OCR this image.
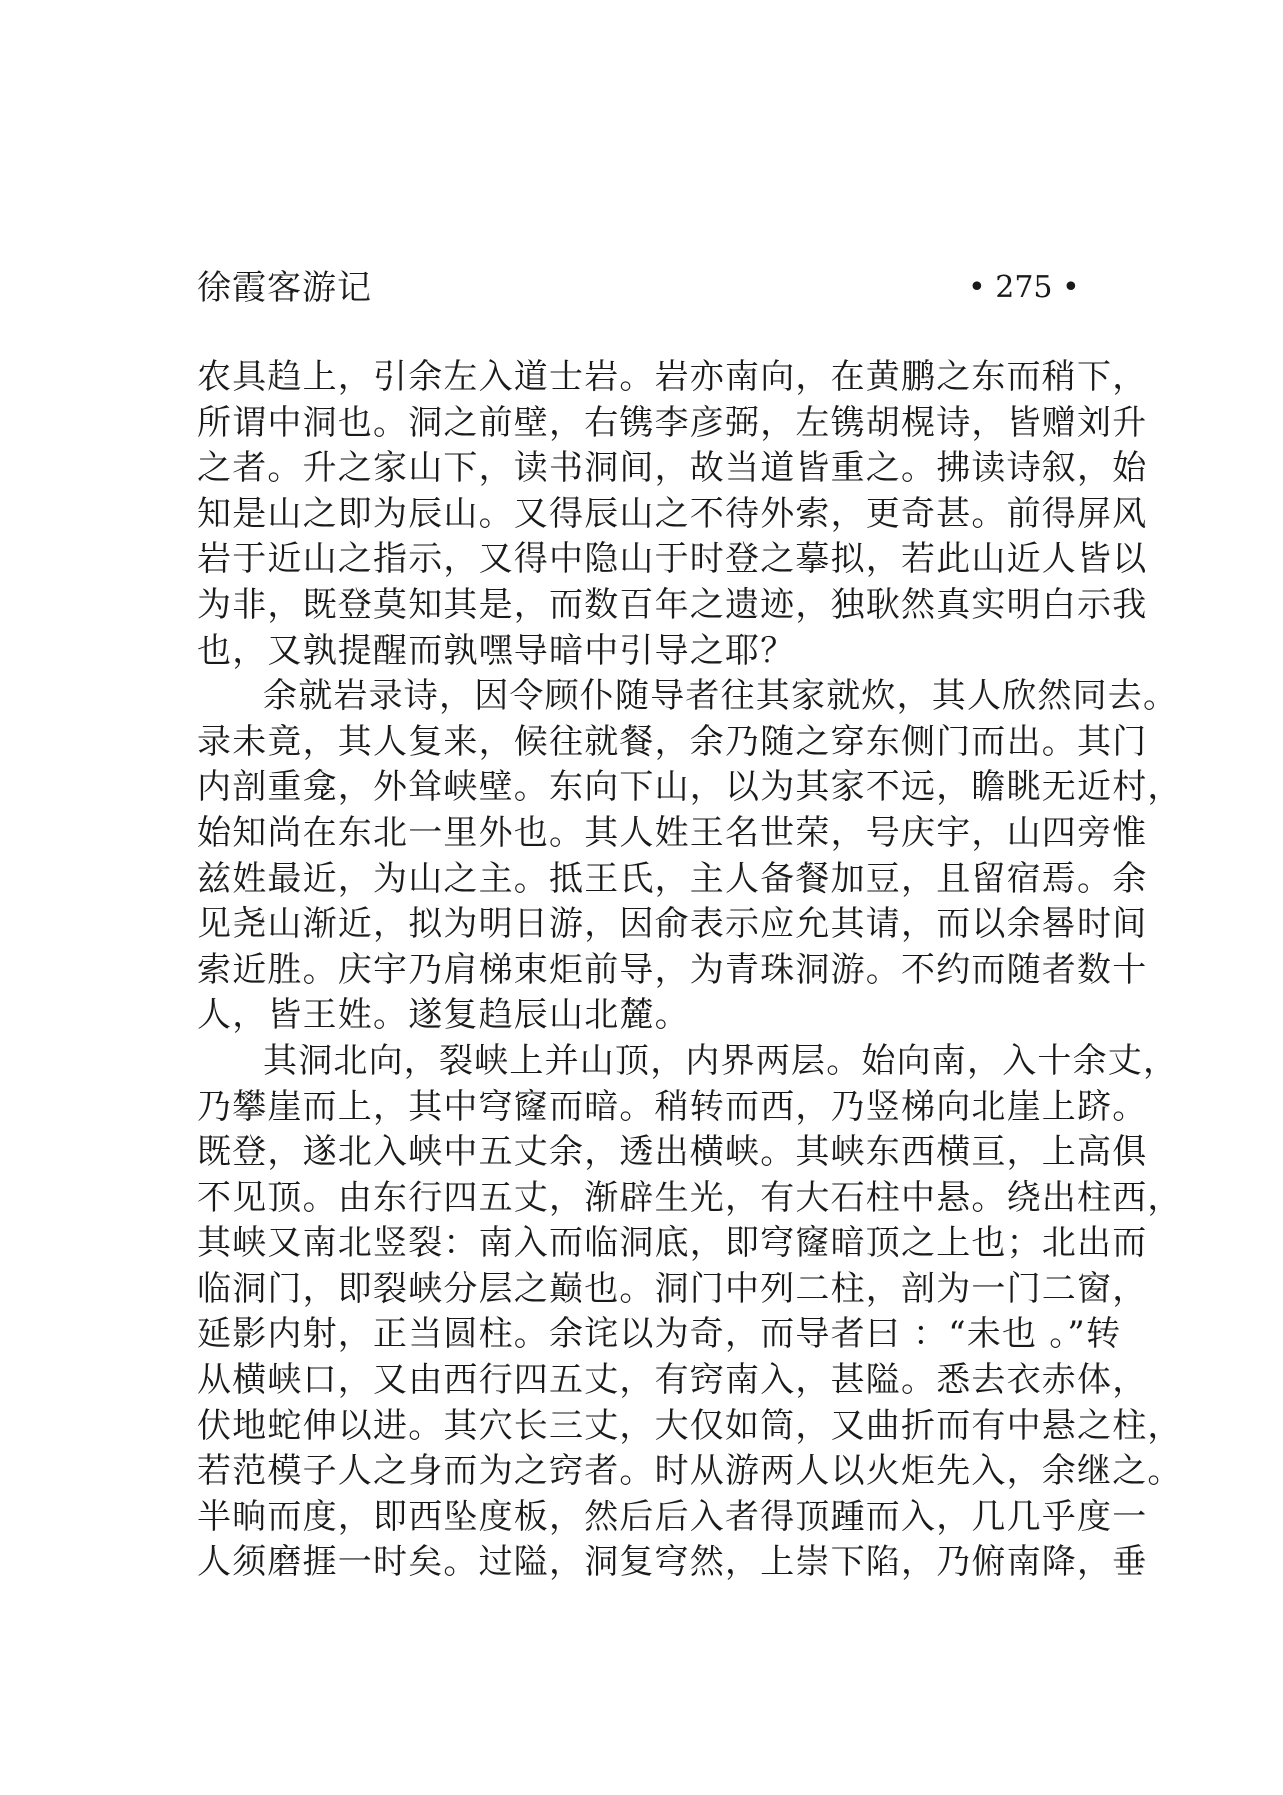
徐霞客游记	• 275 •
农具趋上，引余左入道士岩。岩亦南向，在黄鹏之东而稍下，
所谓中洞也。洞之前壁，右镌李彦弼，左镌胡榥诗，皆赠刘升
之者。升之家山下，读书洞间，故当道皆重之。拂读诗叙，始
知是山之即为辰山。又得辰山之不待外索，更奇甚。前得屏风
岩于近山之指示，又得中隐山于时登之摹拟，若此山近人皆以
为非，既登莫知其是，而数百年之遗迹，独耿然真实明白示我
也，又孰提醒而孰嘿导暗中引导之耶？
余就岩录诗，因令顾仆随导者往其家就炊，其人欣然同去。
录未竟，其人复来，候往就餐，余乃随之穿东侧门而出。其门
内剖重龛，外耸峡壁。东向下山，以为其家不远，瞻眺无近村，
始知尚在东北一里外也。其人姓王名世荣，号庆宇，山四旁惟
兹姓最近，为山之主。抵王氏，主人备餐加豆，且留宿焉。余
见尧山渐近，拟为明日游，因俞表示应允其请，而以余晷时间
索近胜。庆宇乃肩梯束炬前导，为青珠洞游。不约而随者数十
人，皆王姓。遂复趋辰山北麓。
其洞北向，裂峡上并山顶，内界两层。始向南，入十余丈，
乃攀崖而上，其中穹窿而暗。稍转而西，乃竖梯向北崖上跻。
既登，遂北入峡中五丈余，透出横峡。其峡东西横亘，上高俱
不见顶。由东行四五丈，渐辟生光，有大石柱中悬。绕出柱西，
其峡又南北竖裂：南入而临洞底，即穹窿暗顶之上也；北出而
临洞门，即裂峡分层之巅也。洞门中列二柱，剖为一门二窗，
延影内射，正当圆柱。余诧以为奇，而导者曰 ：“未也 。”转
从横峡口，又由西行四五丈，有窍南入，甚隘。悉去衣赤体，
伏地蛇伸以进。其穴长三丈，大仅如筒，又曲折而有中悬之柱，
若范模子人之身而为之窍者。时从游两人以火炬先入，余继之。
半晌而度，即西坠度板，然后后入者得顶踵而入，几几乎度一
人须磨捱一时矣。过隘，洞复穹然，上崇下陷，乃俯南降，垂
